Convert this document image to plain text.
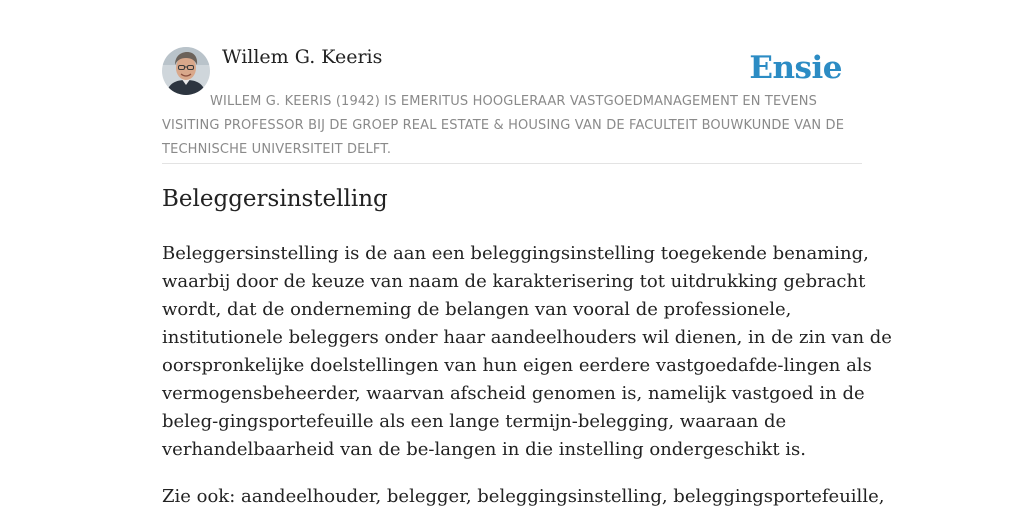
Willem G. Keeris	Ensie
WILLEM G. KEERIS (1942) IS EMERITUS HOOGLERAAR VASTGOEDMANAGEMENT EN TEVENS VISITING PROFESSOR BIJ DE GROEP REAL ESTATE & HOUSING VAN DE FACULTEIT BOUWKUNDE VAN DE TECHNISCHE UNIVERSITEIT DELFT.
Beleggersinstelling

Beleggersinstelling is de aan een beleggingsinstelling toegekende benaming,
waarbij door de keuze van naam de karakterisering tot uitdrukking gebracht
wordt, dat de onderneming de belangen van vooral de professionele,
institutionele beleggers onder haar aandeelhouders wil dienen, in de zin van de
oorspronkelijke doelstellingen van hun eigen eerdere vastgoedafde-lingen als
vermogensbeheerder, waarvan afscheid genomen is, namelijk vastgoed in de
beleg-gingsportefeuille als een lange termijn-belegging, waaraan de
verhandelbaarheid van de be-langen in die instelling ondergeschikt is.

Zie ook: aandeelhouder, belegger, beleggingsinstelling, beleggingsportefeuille,
